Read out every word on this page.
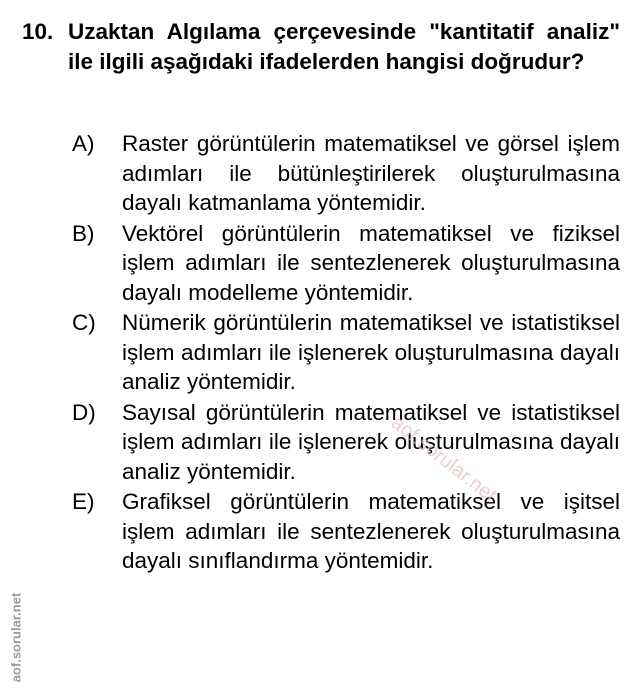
10. Uzaktan Algılama çerçevesinde "kantitatif analiz" ile ilgili aşağıdaki ifadelerden hangisi doğrudur?
A)	Raster görüntülerin matematiksel ve görsel işlem adımları ile bütünleştirilerek oluşturulmasına dayalı katmanlama yöntemidir.
B)	Vektörel görüntülerin matematiksel ve fiziksel işlem adımları ile sentezlenerek oluşturulmasına dayalı modelleme yöntemidir.
C)	Nümerik görüntülerin matematiksel ve istatistiksel işlem adımları ile işlenerek oluşturulmasına dayalı analiz yöntemidir.
D)	Sayısal görüntülerin matematiksel ve istatistiksel işlem adımları ile işlenerek oluşturulmasına dayalı analiz yöntemidir.
E)	Grafiksel görüntülerin matematiksel ve işitsel işlem adımları ile sentezlenerek oluşturulmasına dayalı sınıflandırma yöntemidir.
aof.sorular.net
aof.sorular.net
